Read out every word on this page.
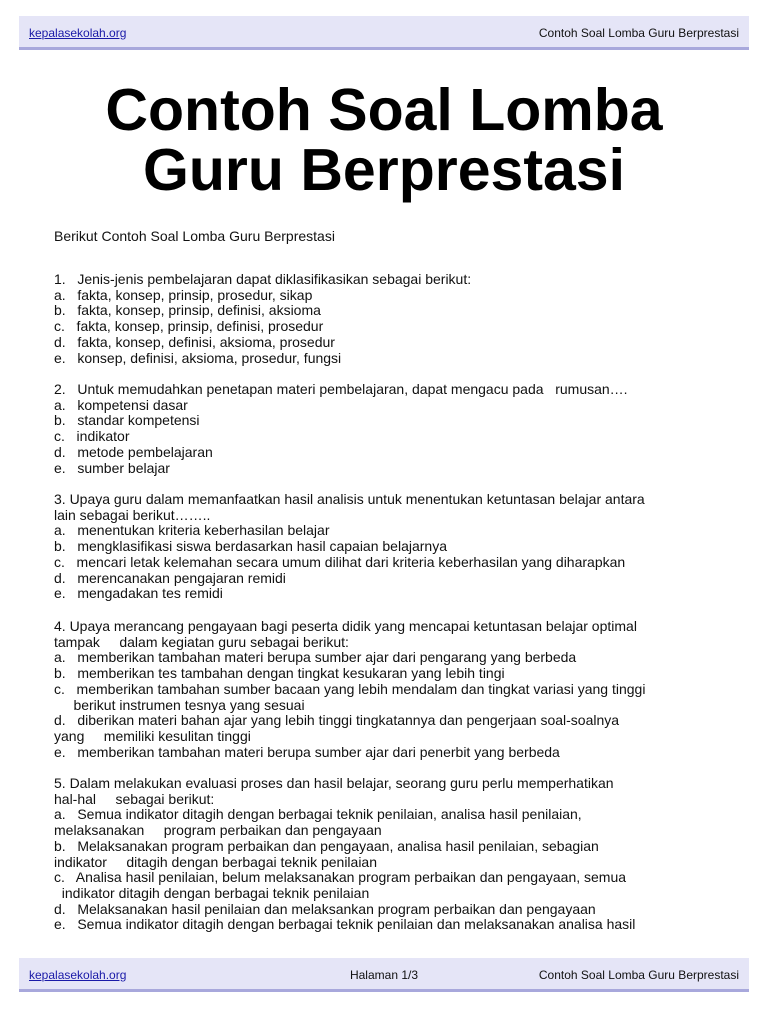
kepalasekolah.org	Contoh Soal Lomba Guru Berprestasi
Contoh Soal Lomba
Guru Berprestasi
Berikut Contoh Soal Lomba Guru Berprestasi
1.   Jenis-jenis pembelajaran dapat diklasifikasikan sebagai berikut:
a.   fakta, konsep, prinsip, prosedur, sikap
b.   fakta, konsep, prinsip, definisi, aksioma
c.   fakta, konsep, prinsip, definisi, prosedur
d.   fakta, konsep, definisi, aksioma, prosedur
e.   konsep, definisi, aksioma, prosedur, fungsi
2.   Untuk memudahkan penetapan materi pembelajaran, dapat mengacu pada   rumusan….
a.   kompetensi dasar
b.   standar kompetensi
c.   indikator
d.   metode pembelajaran
e.   sumber belajar
3. Upaya guru dalam memanfaatkan hasil analisis untuk menentukan ketuntasan belajar antara
lain sebagai berikut……..
a.   menentukan kriteria keberhasilan belajar
b.   mengklasifikasi siswa berdasarkan hasil capaian belajarnya
c.   mencari letak kelemahan secara umum dilihat dari kriteria keberhasilan yang diharapkan
d.   merencanakan pengajaran remidi
e.   mengadakan tes remidi
4. Upaya merancang pengayaan bagi peserta didik yang mencapai ketuntasan belajar optimal
tampak     dalam kegiatan guru sebagai berikut:
a.   memberikan tambahan materi berupa sumber ajar dari pengarang yang berbeda
b.   memberikan tes tambahan dengan tingkat kesukaran yang lebih tingi
c.   memberikan tambahan sumber bacaan yang lebih mendalam dan tingkat variasi yang tinggi
berikut instrumen tesnya yang sesuai
d.   diberikan materi bahan ajar yang lebih tinggi tingkatannya dan pengerjaan soal-soalnya
yang     memiliki kesulitan tinggi
e.   memberikan tambahan materi berupa sumber ajar dari penerbit yang berbeda
5. Dalam melakukan evaluasi proses dan hasil belajar, seorang guru perlu memperhatikan
hal-hal     sebagai berikut:
a.   Semua indikator ditagih dengan berbagai teknik penilaian, analisa hasil penilaian,
melaksanakan     program perbaikan dan pengayaan
b.   Melaksanakan program perbaikan dan pengayaan, analisa hasil penilaian, sebagian
indikator     ditagih dengan berbagai teknik penilaian
c.   Analisa hasil penilaian, belum melaksanakan program perbaikan dan pengayaan, semua
indikator ditagih dengan berbagai teknik penilaian
d.   Melaksanakan hasil penilaian dan melaksankan program perbaikan dan pengayaan
e.   Semua indikator ditagih dengan berbagai teknik penilaian dan melaksanakan analisa hasil
kepalasekolah.org	Halaman 1/3	Contoh Soal Lomba Guru Berprestasi
